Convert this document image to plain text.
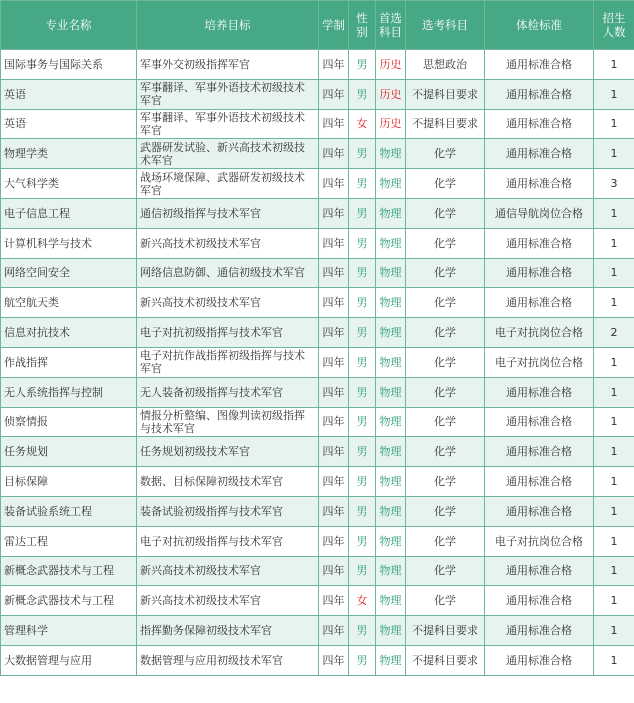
专业名称	培养目标	学制	性别	首选科目	选考科目	体检标准	招生人数
国际事务与国际关系	军事外交初级指挥军官	四年	男	历史	思想政治	通用标准合格	1
英语	军事翻译、军事外语技术初级技术军官	四年	男	历史	不提科目要求	通用标准合格	1
英语	军事翻译、军事外语技术初级技术军官	四年	女	历史	不提科目要求	通用标准合格	1
物理学类	武器研发试验、新兴高技术初级技术军官	四年	男	物理	化学	通用标准合格	1
大气科学类	战场环境保障、武器研发初级技术军官	四年	男	物理	化学	通用标准合格	3
电子信息工程	通信初级指挥与技术军官	四年	男	物理	化学	通信导航岗位合格	1
计算机科学与技术	新兴高技术初级技术军官	四年	男	物理	化学	通用标准合格	1
网络空间安全	网络信息防御、通信初级技术军官	四年	男	物理	化学	通用标准合格	1
航空航天类	新兴高技术初级技术军官	四年	男	物理	化学	通用标准合格	1
信息对抗技术	电子对抗初级指挥与技术军官	四年	男	物理	化学	电子对抗岗位合格	2
作战指挥	电子对抗作战指挥初级指挥与技术军官	四年	男	物理	化学	电子对抗岗位合格	1
无人系统指挥与控制	无人装备初级指挥与技术军官	四年	男	物理	化学	通用标准合格	1
侦察情报	情报分析整编、图像判读初级指挥与技术军官	四年	男	物理	化学	通用标准合格	1
任务规划	任务规划初级技术军官	四年	男	物理	化学	通用标准合格	1
目标保障	数据、目标保障初级技术军官	四年	男	物理	化学	通用标准合格	1
装备试验系统工程	装备试验初级指挥与技术军官	四年	男	物理	化学	通用标准合格	1
雷达工程	电子对抗初级指挥与技术军官	四年	男	物理	化学	电子对抗岗位合格	1
新概念武器技术与工程	新兴高技术初级技术军官	四年	男	物理	化学	通用标准合格	1
新概念武器技术与工程	新兴高技术初级技术军官	四年	女	物理	化学	通用标准合格	1
管理科学	指挥勤务保障初级技术军官	四年	男	物理	不提科目要求	通用标准合格	1
大数据管理与应用	数据管理与应用初级技术军官	四年	男	物理	不提科目要求	通用标准合格	1
